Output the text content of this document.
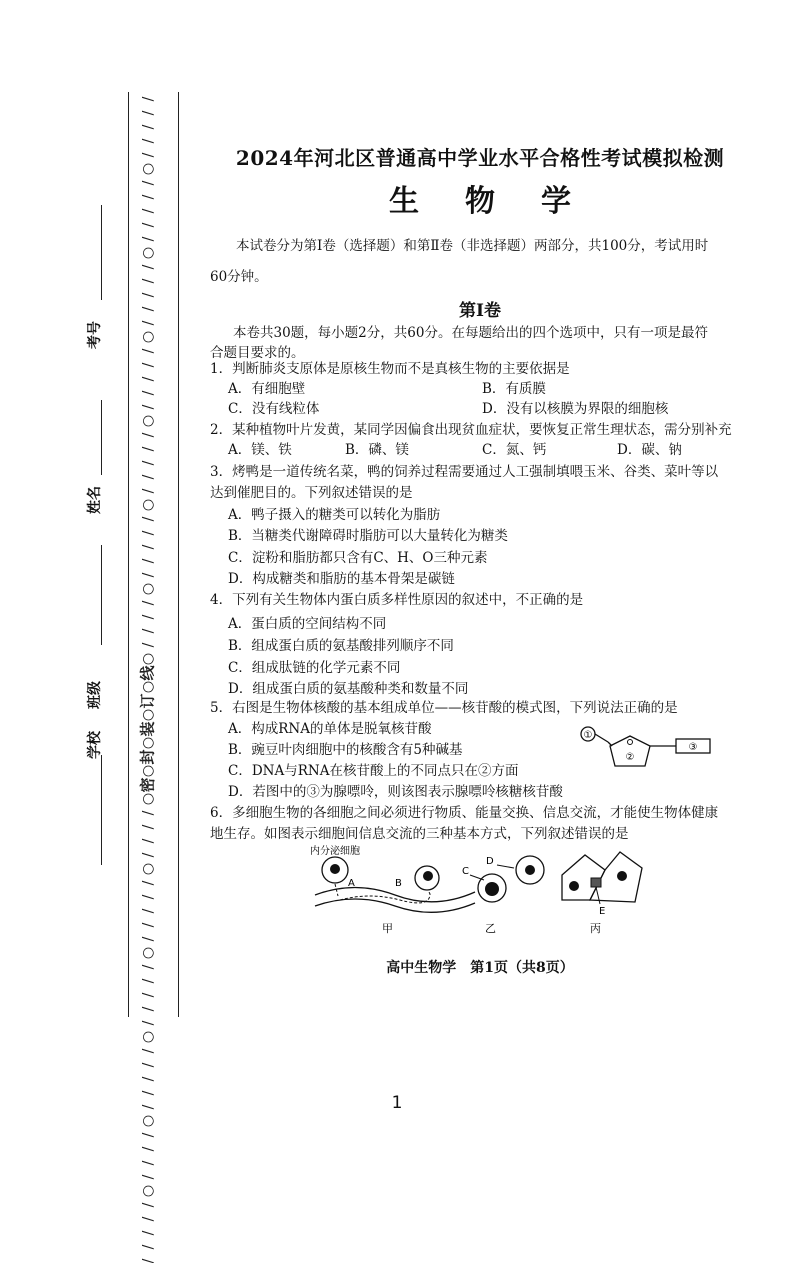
/
/
/
/
/
○
/
/
/
/
/
○
/
/
/
/
/
○
/
/
/
/
/
○
/
/
/
/
/
○
/
/
/
/
/
○
/
/
/
/
○
线
○
订
○
装
○
封
○
密
○
/
/
/
/
○
/
/
/
/
/
○
/
/
/
/
/
○
/
/
/
/
/
○
/
/
/
/
○
/
/
/
/
/
考号
姓名
班级
学校
2024年河北区普通高中学业水平合格性考试模拟检测
生物学
本试卷分为第Ⅰ卷（选择题）和第Ⅱ卷（非选择题）两部分，共100分，考试用时
60分钟。
第Ⅰ卷
本卷共30题，每小题2分，共60分。在每题给出的四个选项中，只有一项是最符
合题目要求的。
1．判断肺炎支原体是原核生物而不是真核生物的主要依据是
A．有细胞壁	B．有质膜
C．没有线粒体	D．没有以核膜为界限的细胞核
2．某种植物叶片发黄，某同学因偏食出现贫血症状，要恢复正常生理状态，需分别补充
A．镁、铁	B．磷、镁	C．氮、钙	D．碳、钠
3．烤鸭是一道传统名菜，鸭的饲养过程需要通过人工强制填喂玉米、谷类、菜叶等以
达到催肥目的。下列叙述错误的是
A．鸭子摄入的糖类可以转化为脂肪
B．当糖类代谢障碍时脂肪可以大量转化为糖类
C．淀粉和脂肪都只含有C、H、O三种元素
D．构成糖类和脂肪的基本骨架是碳链
4．下列有关生物体内蛋白质多样性原因的叙述中，不正确的是
A．蛋白质的空间结构不同
B．组成蛋白质的氨基酸排列顺序不同
C．组成肽链的化学元素不同
D．组成蛋白质的氨基酸种类和数量不同
5．右图是生物体核酸的基本组成单位——核苷酸的模式图，下列说法正确的是
A．构成RNA的单体是脱氧核苷酸
B．豌豆叶肉细胞中的核酸含有5种碱基
C．DNA与RNA在核苷酸上的不同点只在②方面
D．若图中的③为腺嘌呤，则该图表示腺嘌呤核糖核苷酸
①
②
③
6．多细胞生物的各细胞之间必须进行物质、能量交换、信息交流，才能使生物体健康
地生存。如图表示细胞间信息交流的三种基本方式，下列叙述错误的是
内分泌细胞
A	B
甲
C
D
乙
E
丙
高中生物学　第1页（共8页）
1
